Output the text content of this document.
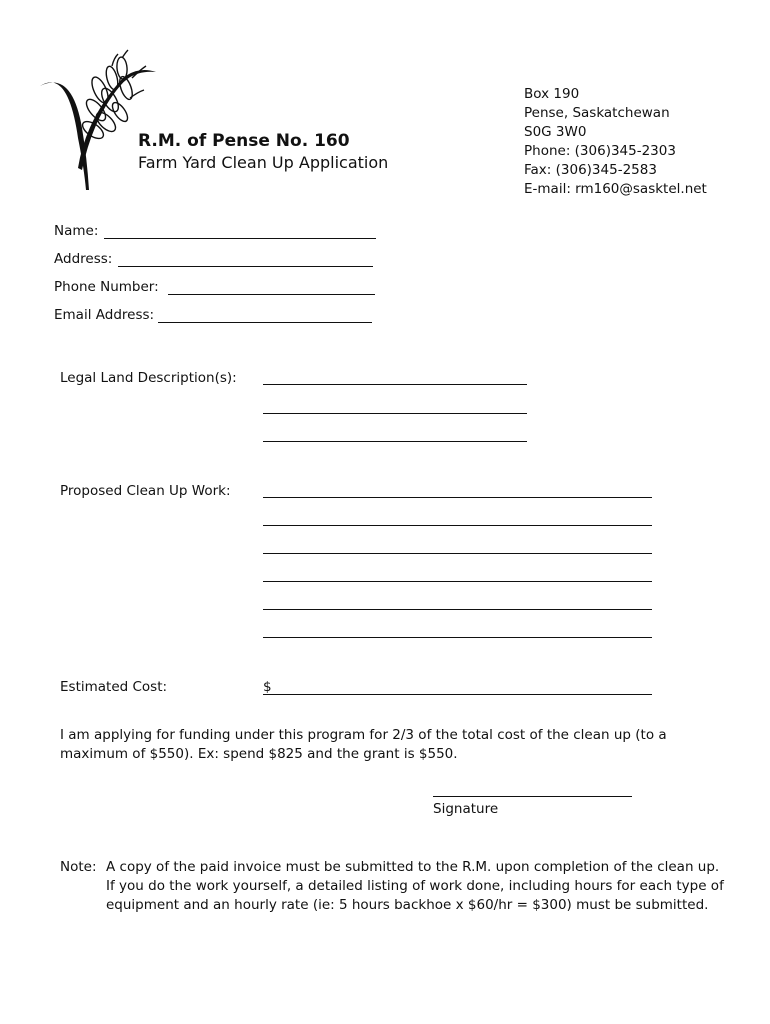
R.M. of Pense No. 160
Farm Yard Clean Up Application
Box 190
Pense, Saskatchewan
S0G 3W0
Phone: (306)345-2303
Fax: (306)345-2583
E-mail: rm160@sasktel.net
Name:
Address:
Phone Number:
Email Address:
Legal Land Description(s):
Proposed Clean Up Work:
Estimated Cost:	$
I am applying for funding under this program for 2/3 of the total cost of the clean up (to a maximum of $550). Ex: spend $825 and the grant is $550.
Signature
Note: A copy of the paid invoice must be submitted to the R.M. upon completion of the clean up. If you do the work yourself, a detailed listing of work done, including hours for each type of equipment and an hourly rate (ie: 5 hours backhoe x $60/hr = $300) must be submitted.
